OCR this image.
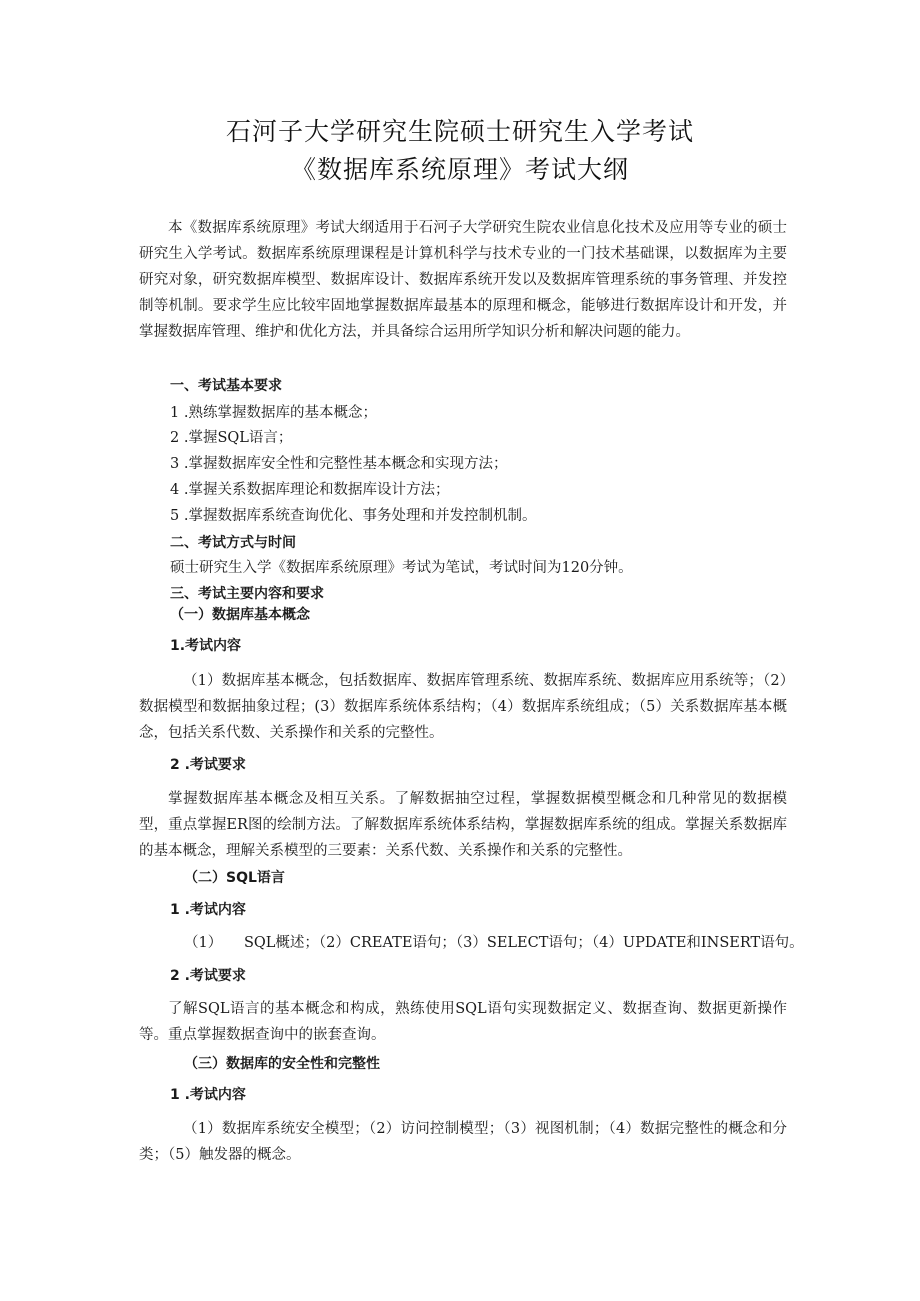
石河子大学研究生院硕士研究生入学考试
《数据库系统原理》考试大纲
本《数据库系统原理》考试大纲适用于石河子大学研究生院农业信息化技术及应用等专业的硕士研究生入学考试。数据库系统原理课程是计算机科学与技术专业的一门技术基础课，以数据库为主要研究对象，研究数据库模型、数据库设计、数据库系统开发以及数据库管理系统的事务管理、并发控制等机制。要求学生应比较牢固地掌握数据库最基本的原理和概念，能够进行数据库设计和开发，并掌握数据库管理、维护和优化方法，并具备综合运用所学知识分析和解决问题的能力。
一、考试基本要求
1 .熟练掌握数据库的基本概念；
2 .掌握SQL语言；
3 .掌握数据库安全性和完整性基本概念和实现方法；
4 .掌握关系数据库理论和数据库设计方法；
5 .掌握数据库系统查询优化、事务处理和并发控制机制。
二、考试方式与时间
硕士研究生入学《数据库系统原理》考试为笔试，考试时间为120分钟。
三、考试主要内容和要求
（一）数据库基本概念
1.考试内容
（1）数据库基本概念，包括数据库、数据库管理系统、数据库系统、数据库应用系统等；（2）数据模型和数据抽象过程；(3）数据库系统体系结构；（4）数据库系统组成；（5）关系数据库基本概念，包括关系代数、关系操作和关系的完整性。
2 .考试要求
掌握数据库基本概念及相互关系。了解数据抽空过程，掌握数据模型概念和几种常见的数据模型，重点掌握ER图的绘制方法。了解数据库系统体系结构，掌握数据库系统的组成。掌握关系数据库的基本概念，理解关系模型的三要素：关系代数、关系操作和关系的完整性。
（二）SQL语言
1 .考试内容
（1）　　SQL概述；（2）CREATE语句；（3）SELECT语句；（4）UPDATE和INSERT语句。
2 .考试要求
了解SQL语言的基本概念和构成，熟练使用SQL语句实现数据定义、数据查询、数据更新操作等。重点掌握数据查询中的嵌套查询。
（三）数据库的安全性和完整性
1 .考试内容
（1）数据库系统安全模型；（2）访问控制模型；（3）视图机制；（4）数据完整性的概念和分类；（5）触发器的概念。
